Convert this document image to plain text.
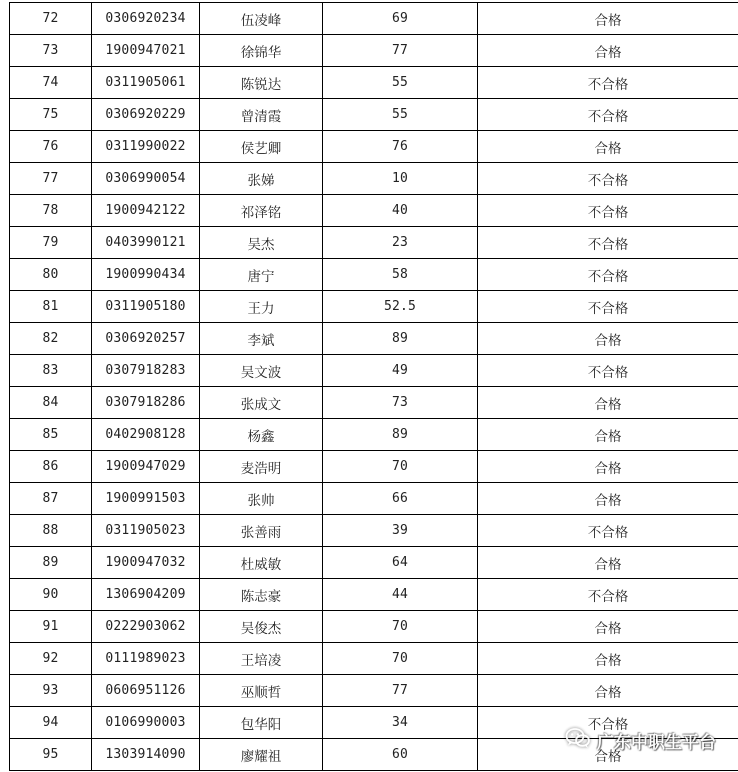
72	0306920234	伍凌峰	69	合格
73	1900947021	徐锦华	77	合格
74	0311905061	陈锐达	55	不合格
75	0306920229	曾清霞	55	不合格
76	0311990022	侯艺卿	76	合格
77	0306990054	张娣	10	不合格
78	1900942122	祁泽铭	40	不合格
79	0403990121	吴杰	23	不合格
80	1900990434	唐宁	58	不合格
81	0311905180	王力	52.5	不合格
82	0306920257	李斌	89	合格
83	0307918283	吴文波	49	不合格
84	0307918286	张成文	73	合格
85	0402908128	杨鑫	89	合格
86	1900947029	麦浩明	70	合格
87	1900991503	张帅	66	合格
88	0311905023	张善雨	39	不合格
89	1900947032	杜威敏	64	合格
90	1306904209	陈志豪	44	不合格
91	0222903062	吴俊杰	70	合格
92	0111989023	王培凌	70	合格
93	0606951126	巫顺哲	77	合格
94	0106990003	包华阳	34	不合格
95	1303914090	廖耀祖	60	合格
广东中职生平台
